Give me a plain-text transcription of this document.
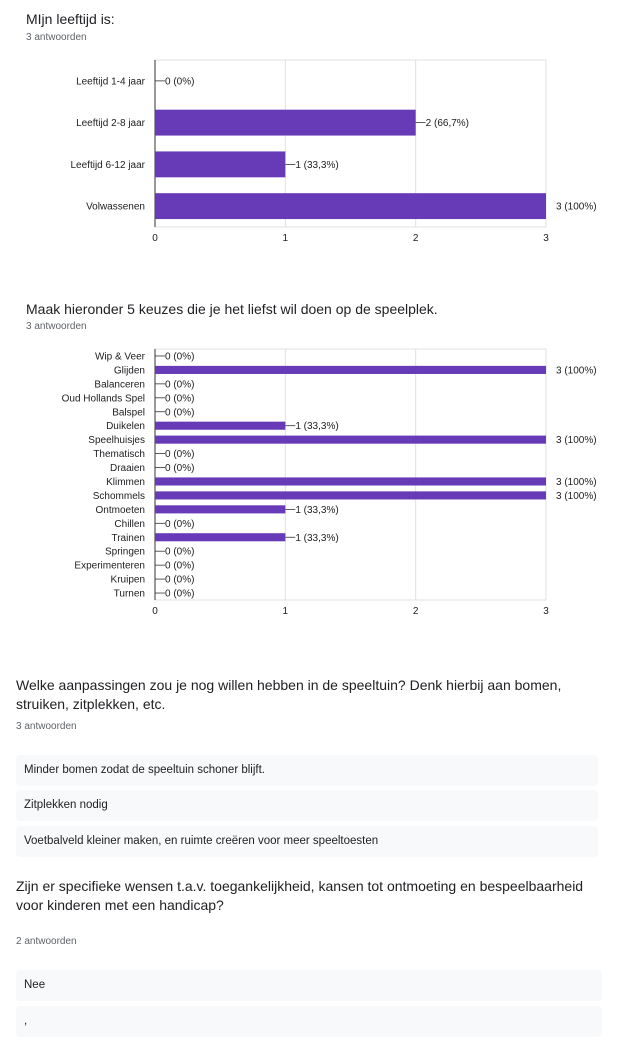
MIjn leeftijd is:
3 antwoorden
0	1	2	3
Leeftijd 1-4 jaar 0 (0%)
Leeftijd 2-8 jaar	2 (66,7%)
Leeftijd 6-12 jaar	1 (33,3%)
Volwassenen	3 (100%)
Maak hieronder 5 keuzes die je het liefst wil doen op de speelplek.
3 antwoorden
0	1	2	3
Wip & Veer 0 (0%)
Glijden	3 (100%)
Balanceren 0 (0%)
Oud Hollands Spel 0 (0%)
Balspel 0 (0%)
Duikelen	1 (33,3%)
Speelhuisjes	3 (100%)
Thematisch 0 (0%)
Draaien 0 (0%)
Klimmen	3 (100%)
Schommels	3 (100%)
Ontmoeten	1 (33,3%)
Chillen 0 (0%)
Trainen	1 (33,3%)
Springen 0 (0%)
Experimenteren 0 (0%)
Kruipen 0 (0%)
Turnen 0 (0%)
Welke aanpassingen zou je nog willen hebben in de speeltuin? Denk hierbij aan bomen, struiken, zitplekken, etc.
3 antwoorden
Minder bomen zodat de speeltuin schoner blijft.
Zitplekken nodig
Voetbalveld kleiner maken, en ruimte creëren voor meer speeltoesten
Zijn er specifieke wensen t.a.v. toegankelijkheid, kansen tot ontmoeting en bespeelbaarheid voor kinderen met een handicap?
2 antwoorden
Nee
,
